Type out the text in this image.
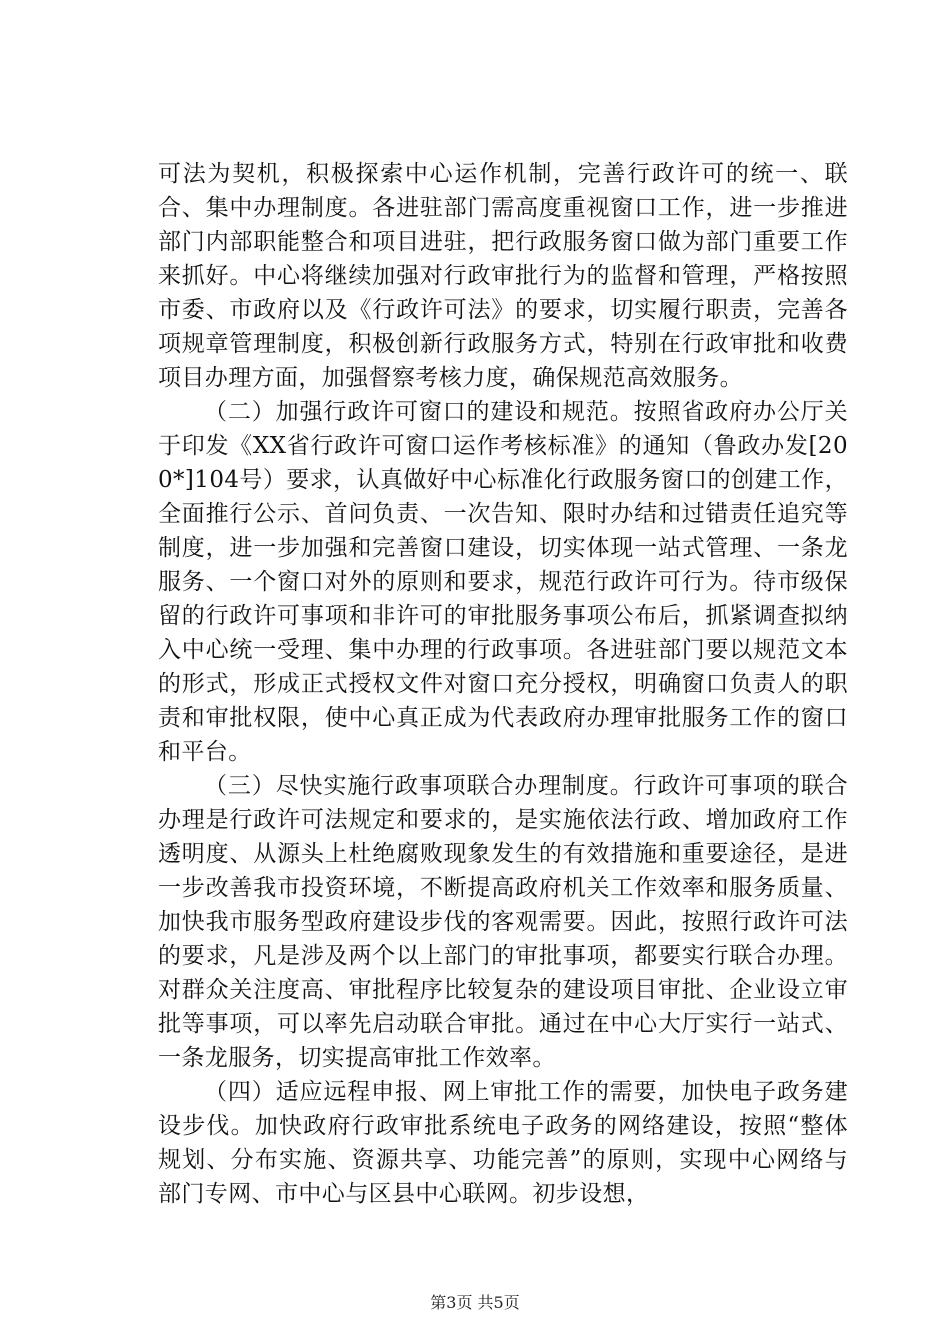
可法为契机，积极探索中心运作机制，完善行政许可的统一、联合、集中办理制度。各进驻部门需高度重视窗口工作，进一步推进部门内部职能整合和项目进驻，把行政服务窗口做为部门重要工作来抓好。中心将继续加强对行政审批行为的监督和管理，严格按照市委、市政府以及《行政许可法》的要求，切实履行职责，完善各项规章管理制度，积极创新行政服务方式，特别在行政审批和收费项目办理方面，加强督察考核力度，确保规范高效服务。

（二）加强行政许可窗口的建设和规范。按照省政府办公厅关于印发《XX省行政许可窗口运作考核标准》的通知（鲁政办发[200*]104号）要求，认真做好中心标准化行政服务窗口的创建工作，全面推行公示、首问负责、一次告知、限时办结和过错责任追究等制度，进一步加强和完善窗口建设，切实体现一站式管理、一条龙服务、一个窗口对外的原则和要求，规范行政许可行为。待市级保留的行政许可事项和非许可的审批服务事项公布后，抓紧调查拟纳入中心统一受理、集中办理的行政事项。各进驻部门要以规范文本的形式，形成正式授权文件对窗口充分授权，明确窗口负责人的职责和审批权限，使中心真正成为代表政府办理审批服务工作的窗口和平台。

（三）尽快实施行政事项联合办理制度。行政许可事项的联合办理是行政许可法规定和要求的，是实施依法行政、增加政府工作透明度、从源头上杜绝腐败现象发生的有效措施和重要途径，是进一步改善我市投资环境，不断提高政府机关工作效率和服务质量、加快我市服务型政府建设步伐的客观需要。因此，按照行政许可法的要求，凡是涉及两个以上部门的审批事项，都要实行联合办理。对群众关注度高、审批程序比较复杂的建设项目审批、企业设立审批等事项，可以率先启动联合审批。通过在中心大厅实行一站式、一条龙服务，切实提高审批工作效率。

（四）适应远程申报、网上审批工作的需要，加快电子政务建设步伐。加快政府行政审批系统电子政务的网络建设，按照“整体规划、分布实施、资源共享、功能完善”的原则，实现中心网络与部门专网、市中心与区县中心联网。初步设想，

第3页 共5页
